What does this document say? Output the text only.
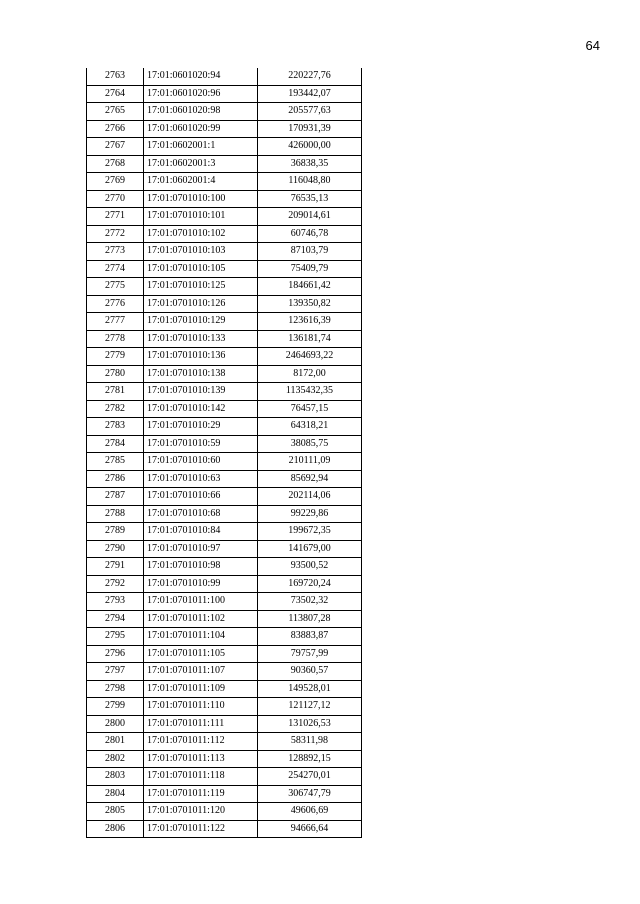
64
2763	17:01:0601020:94	220227,76
2764	17:01:0601020:96	193442,07
2765	17:01:0601020:98	205577,63
2766	17:01:0601020:99	170931,39
2767	17:01:0602001:1	426000,00
2768	17:01:0602001:3	36838,35
2769	17:01:0602001:4	116048,80
2770	17:01:0701010:100	76535,13
2771	17:01:0701010:101	209014,61
2772	17:01:0701010:102	60746,78
2773	17:01:0701010:103	87103,79
2774	17:01:0701010:105	75409,79
2775	17:01:0701010:125	184661,42
2776	17:01:0701010:126	139350,82
2777	17:01:0701010:129	123616,39
2778	17:01:0701010:133	136181,74
2779	17:01:0701010:136	2464693,22
2780	17:01:0701010:138	8172,00
2781	17:01:0701010:139	1135432,35
2782	17:01:0701010:142	76457,15
2783	17:01:0701010:29	64318,21
2784	17:01:0701010:59	38085,75
2785	17:01:0701010:60	210111,09
2786	17:01:0701010:63	85692,94
2787	17:01:0701010:66	202114,06
2788	17:01:0701010:68	99229,86
2789	17:01:0701010:84	199672,35
2790	17:01:0701010:97	141679,00
2791	17:01:0701010:98	93500,52
2792	17:01:0701010:99	169720,24
2793	17:01:0701011:100	73502,32
2794	17:01:0701011:102	113807,28
2795	17:01:0701011:104	83883,87
2796	17:01:0701011:105	79757,99
2797	17:01:0701011:107	90360,57
2798	17:01:0701011:109	149528,01
2799	17:01:0701011:110	121127,12
2800	17:01:0701011:111	131026,53
2801	17:01:0701011:112	58311,98
2802	17:01:0701011:113	128892,15
2803	17:01:0701011:118	254270,01
2804	17:01:0701011:119	306747,79
2805	17:01:0701011:120	49606,69
2806	17:01:0701011:122	94666,64
